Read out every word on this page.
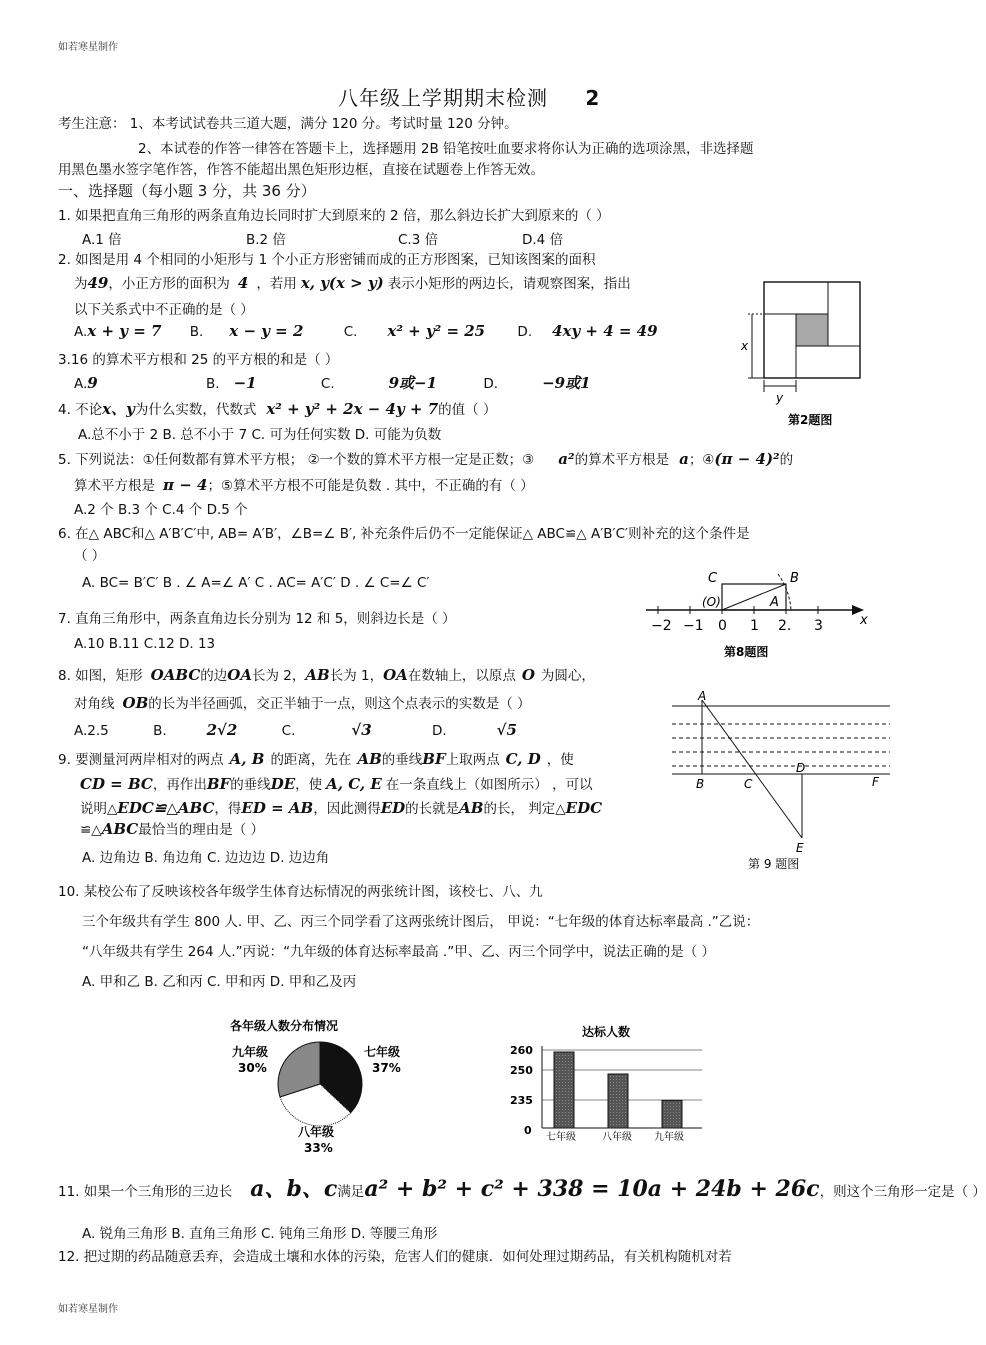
如若寒星制作
如若寒星制作
八年级上学期期末检测 2
考生注意： 1、本考试试卷共三道大题，满分 120 分。考试时量 120 分钟。
2、本试卷的作答一律答在答题卡上，选择题用 2B 铅笔按吐血要求将你认为正确的选项涂黑，非选择题
用黑色墨水签字笔作答，作答不能超出黑色矩形边框，直接在试题卷上作答无效。
一、选择题（每小题 3 分，共 36 分）
1. 如果把直角三角形的两条直角边长同时扩大到原来的 2 倍，那么斜边长扩大到原来的（ ）
A.1 倍	B.2 倍	C.3 倍	D.4 倍
2. 如图是用 4 个相同的小矩形与 1 个小正方形密铺而成的正方形图案，已知该图案的面积
为49，小正方形的面积为 4 ，若用 x, y(x > y) 表示小矩形的两边长，请观察图案，指出
以下关系式中不正确的是（ ）
A.x + y = 7 B. x − y = 2	C. x² + y² = 25 D. 4xy + 4 = 49
x
y
第2题图
3.16 的算术平方根和 25 的平方根的和是（ ）
A.9	B. −1	C.	9或−1	D.	−9或1
4. 不论x、y为什么实数，代数式 x² + y² + 2x − 4y + 7的值（ ）
A.总不小于 2 B. 总不小于 7 C. 可为任何实数 D. 可能为负数
5. 下列说法：①任何数都有算术平方根； ②一个数的算术平方根一定是正数；③ a²的算术平方根是 a；④(π − 4)²的
算术平方根是 π − 4；⑤算术平方根不可能是负数 . 其中，不正确的有（ ）
A.2 个 B.3 个 C.4 个 D.5 个
6. 在△ ABC和△ A′B′C′中, AB= A′B′，∠B=∠ B′, 补充条件后仍不一定能保证△ ABC≌△ A′B′C′则补充的这个条件是
（ ）
A. BC= B′C′ B . ∠ A=∠ A′ C . AC= A′C′ D . ∠ C=∠ C′
−2 −1 0 1 2. 3	x
C	B
(O)	A
第8题图
7. 直角三角形中，两条直角边长分别为 12 和 5，则斜边长是（ ）
A.10 B.11 C.12 D. 13
8. 如图，矩形 OABC的边OA长为 2，AB长为 1，OA在数轴上，以原点 O 为圆心，
对角线 OB的长为半径画弧，交正半轴于一点，则这个点表示的实数是（ ）
A.2.5	B.	2√2	C.	√3	D.	√5
A
B	C
D
F
E
第 9 题图
9. 要测量河两岸相对的两点 A, B 的距离，先在 AB的垂线BF上取两点 C, D ，使
CD = BC，再作出BF的垂线DE，使 A, C, E 在一条直线上（如图所示） ，可以
说明△EDC≌△ABC，得ED = AB，因此测得ED的长就是AB的长， 判定△EDC
≌△ABC最恰当的理由是（ ）
A. 边角边 B. 角边角 C. 边边边 D. 边边角
10. 某校公布了反映该校各年级学生体育达标情况的两张统计图，该校七、八、九
三个年级共有学生 800 人. 甲、乙、丙三个同学看了这两张统计图后， 甲说：“七年级的体育达标率最高 .”乙说：
“八年级共有学生 264 人.”丙说：“九年级的体育达标率最高 .”甲、乙、丙三个同学中，说法正确的是（ ）
A. 甲和乙 B. 乙和丙 C. 甲和丙 D. 甲和乙及丙
各年级人数分布情况
九年级
30%
七年级
37%
八年级
33%
达标人数
260
250
235
0
七年级	八年级 九年级
11. 如果一个三角形的三边长 a、b、c满足a² + b² + c² + 338 = 10a + 24b + 26c，则这个三角形一定是（ ）
A. 锐角三角形 B. 直角三角形 C. 钝角三角形 D. 等腰三角形
12. 把过期的药品随意丢弃，会造成土壤和水体的污染，危害人们的健康．如何处理过期药品，有关机构随机对若
